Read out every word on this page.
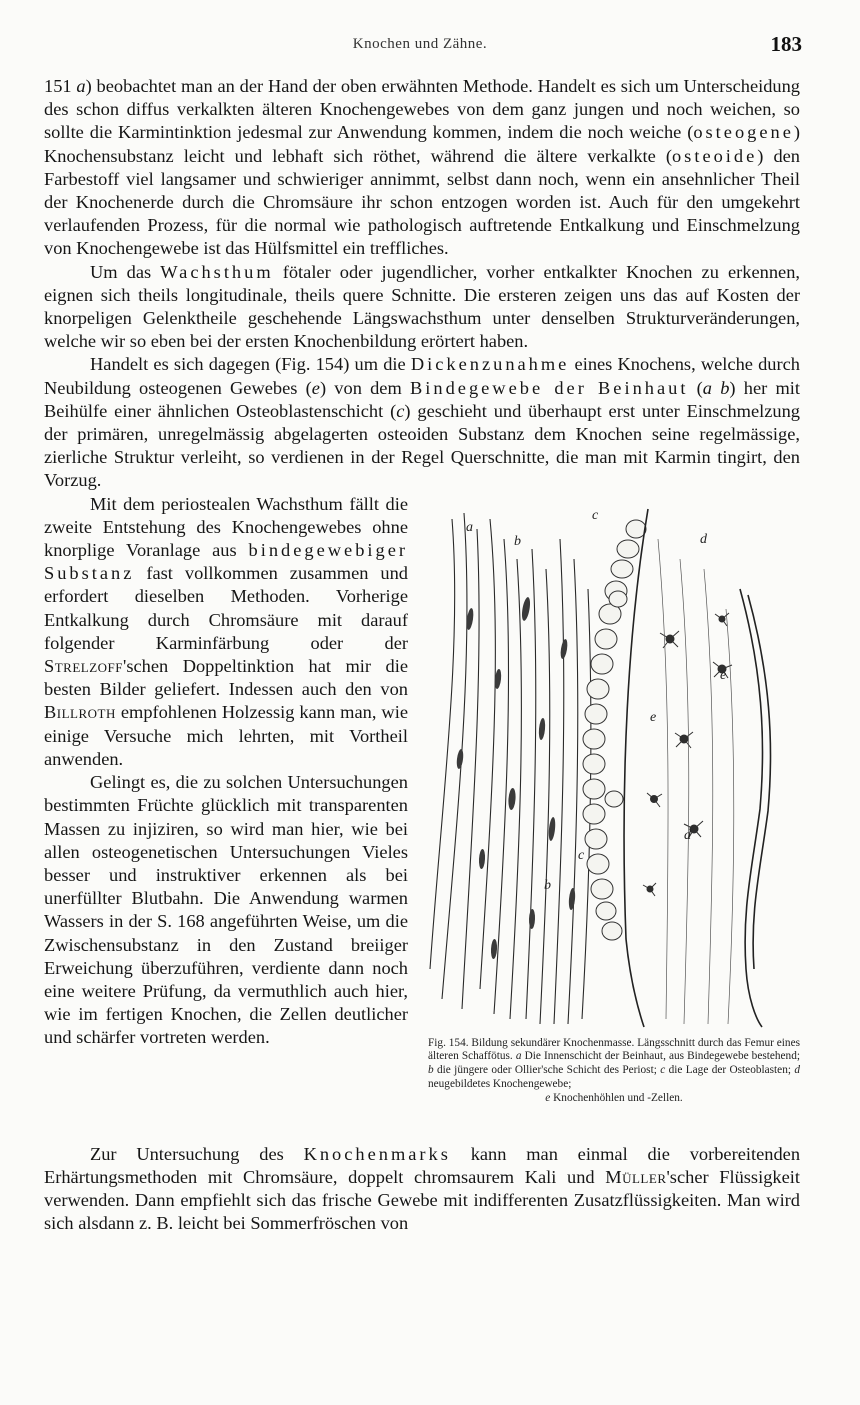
Knochen und Zähne.	183

151 a) beobachtet man an der Hand der oben erwähnten Methode. Handelt es sich um Unterscheidung des schon diffus verkalkten älteren Knochengewebes von dem ganz jungen und noch weichen, so sollte die Karmintinktion jedesmal zur Anwendung kommen, indem die noch weiche (osteogene) Knochensubstanz leicht und lebhaft sich röthet, während die ältere verkalkte (osteoide) den Farbestoff viel langsamer und schwieriger annimmt, selbst dann noch, wenn ein ansehnlicher Theil der Knochenerde durch die Chromsäure ihr schon entzogen worden ist. Auch für den umgekehrt verlaufenden Prozess, für die normal wie pathologisch auftretende Entkalkung und Einschmelzung von Knochengewebe ist das Hülfsmittel ein treffliches.

Um das Wachsthum fötaler oder jugendlicher, vorher entkalkter Knochen zu erkennen, eignen sich theils longitudinale, theils quere Schnitte. Die ersteren zeigen uns das auf Kosten der knorpeligen Gelenktheile geschehende Längswachsthum unter denselben Strukturveränderungen, welche wir so eben bei der ersten Knochenbildung erörtert haben.

Handelt es sich dagegen (Fig. 154) um die Dickenzunahme eines Knochens, welche durch Neubildung osteogenen Gewebes (e) von dem Bindegewebe der Beinhaut (a b) her mit Beihülfe einer ähnlichen Osteoblastenschicht (c) geschieht und überhaupt erst unter Einschmelzung der primären, unregelmässig abgelagerten osteoiden Substanz dem Knochen seine regelmässige, zierliche Struktur verleiht, so verdienen in der Regel Querschnitte, die man mit Karmin tingirt, den Vorzug.

a
b
c
d
e
e
d
c
b
Fig. 154. Bildung sekundärer Knochenmasse. Längsschnitt durch das Femur eines älteren Schaffötus. a Die Innenschicht der Beinhaut, aus Bindegewebe bestehend; b die jüngere oder Ollier'sche Schicht des Periost; c die Lage der Osteoblasten; d neugebildetes Knochengewebe;
e Knochenhöhlen und -Zellen.

Mit dem periostealen Wachsthum fällt die zweite Entstehung des Knochengewebes ohne knorplige Voranlage aus bindegewebiger Substanz fast vollkommen zusammen und erfordert dieselben Methoden. Vorherige Entkalkung durch Chromsäure mit darauf folgender Karminfärbung oder der Strelzoff'schen Doppeltinktion hat mir die besten Bilder geliefert. Indessen auch den von Billroth empfohlenen Holzessig kann man, wie einige Versuche mich lehrten, mit Vortheil anwenden.

Gelingt es, die zu solchen Untersuchungen bestimmten Früchte glücklich mit transparenten Massen zu injiziren, so wird man hier, wie bei allen osteogenetischen Untersuchungen Vieles besser und instruktiver erkennen als bei unerfüllter Blutbahn. Die Anwendung warmen Wassers in der S. 168 angeführten Weise, um die Zwischensubstanz in den Zustand breiiger Erweichung überzuführen, verdiente dann noch eine weitere Prüfung, da vermuthlich auch hier, wie im fertigen Knochen, die Zellen deutlicher und schärfer vortreten werden.

Zur Untersuchung des Knochenmarks kann man einmal die vorbereitenden Erhärtungsmethoden mit Chromsäure, doppelt chromsaurem Kali und Müller'scher Flüssigkeit verwenden. Dann empfiehlt sich das frische Gewebe mit indifferenten Zusatzflüssigkeiten. Man wird sich alsdann z. B. leicht bei Sommerfröschen von
